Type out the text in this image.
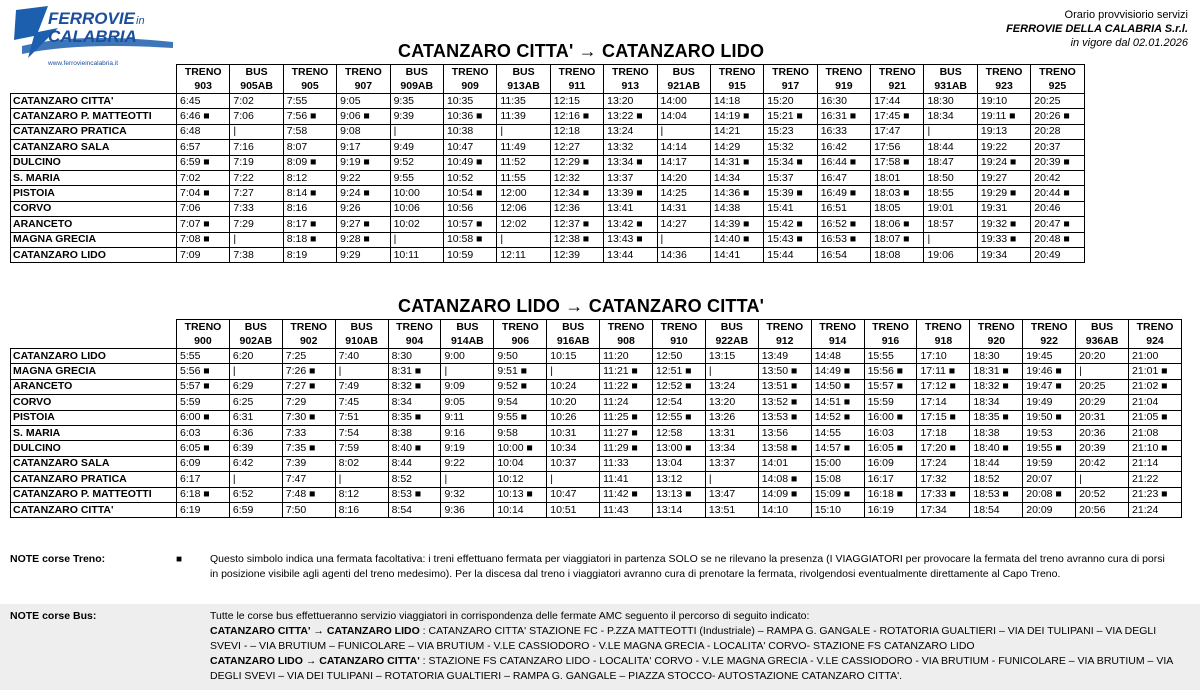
FERROVIE in
CALABRIA
www.ferrovieincalabria.it
Orario provvisiorio servizi
FERROVIE DELLA CALABRIA S.r.l.
in vigore dal 02.01.2026
CATANZARO CITTA' → CATANZARO LIDO
	TRENO	BUS	TRENO	TRENO	BUS	TRENO	BUS	TRENO	TRENO	BUS	TRENO	TRENO	TRENO	TRENO	BUS	TRENO	TRENO
	903	905AB	905	907	909AB	909	913AB	911	913	921AB	915	917	919	921	931AB	923	925
CATANZARO CITTA'	6:45	7:02	7:55	9:05	9:35	10:35	11:35	12:15	13:20	14:00	14:18	15:20	16:30	17:44	18:30	19:10	20:25
CATANZARO P. MATTEOTTI	6:46 ■	7:06	7:56 ■	9:06 ■	9:39	10:36 ■	11:39	12:16 ■	13:22 ■	14:04	14:19 ■	15:21 ■	16:31 ■	17:45 ■	18:34	19:11 ■	20:26 ■
CATANZARO PRATICA	6:48	|	7:58	9:08	|	10:38	|	12:18	13:24	|	14:21	15:23	16:33	17:47	|	19:13	20:28
CATANZARO SALA	6:57	7:16	8:07	9:17	9:49	10:47	11:49	12:27	13:32	14:14	14:29	15:32	16:42	17:56	18:44	19:22	20:37
DULCINO	6:59 ■	7:19	8:09 ■	9:19 ■	9:52	10:49 ■	11:52	12:29 ■	13:34 ■	14:17	14:31 ■	15:34 ■	16:44 ■	17:58 ■	18:47	19:24 ■	20:39 ■
S. MARIA	7:02	7:22	8:12	9:22	9:55	10:52	11:55	12:32	13:37	14:20	14:34	15:37	16:47	18:01	18:50	19:27	20:42
PISTOIA	7:04 ■	7:27	8:14 ■	9:24 ■	10:00	10:54 ■	12:00	12:34 ■	13:39 ■	14:25	14:36 ■	15:39 ■	16:49 ■	18:03 ■	18:55	19:29 ■	20:44 ■
CORVO	7:06	7:33	8:16	9:26	10:06	10:56	12:06	12:36	13:41	14:31	14:38	15:41	16:51	18:05	19:01	19:31	20:46
ARANCETO	7:07 ■	7:29	8:17 ■	9:27 ■	10:02	10:57 ■	12:02	12:37 ■	13:42 ■	14:27	14:39 ■	15:42 ■	16:52 ■	18:06 ■	18:57	19:32 ■	20:47 ■
MAGNA GRECIA	7:08 ■	|	8:18 ■	9:28 ■	|	10:58 ■	|	12:38 ■	13:43 ■	|	14:40 ■	15:43 ■	16:53 ■	18:07 ■	|	19:33 ■	20:48 ■
CATANZARO LIDO	7:09	7:38	8:19	9:29	10:11	10:59	12:11	12:39	13:44	14:36	14:41	15:44	16:54	18:08	19:06	19:34	20:49
CATANZARO LIDO → CATANZARO CITTA'
	TRENO	BUS	TRENO	BUS	TRENO	BUS	TRENO	BUS	TRENO	TRENO	BUS	TRENO	TRENO	TRENO	TRENO	TRENO	TRENO	BUS	TRENO
	900	902AB	902	910AB	904	914AB	906	916AB	908	910	922AB	912	914	916	918	920	922	936AB	924
CATANZARO LIDO	5:55	6:20	7:25	7:40	8:30	9:00	9:50	10:15	11:20	12:50	13:15	13:49	14:48	15:55	17:10	18:30	19:45	20:20	21:00
MAGNA GRECIA	5:56 ■	|	7:26 ■	|	8:31 ■	|	9:51 ■	|	11:21 ■	12:51 ■	|	13:50 ■	14:49 ■	15:56 ■	17:11 ■	18:31 ■	19:46 ■	|	21:01 ■
ARANCETO	5:57 ■	6:29	7:27 ■	7:49	8:32 ■	9:09	9:52 ■	10:24	11:22 ■	12:52 ■	13:24	13:51 ■	14:50 ■	15:57 ■	17:12 ■	18:32 ■	19:47 ■	20:25	21:02 ■
CORVO	5:59	6:25	7:29	7:45	8:34	9:05	9:54	10:20	11:24	12:54	13:20	13:52 ■	14:51 ■	15:59	17:14	18:34	19:49	20:29	21:04
PISTOIA	6:00 ■	6:31	7:30 ■	7:51	8:35 ■	9:11	9:55 ■	10:26	11:25 ■	12:55 ■	13:26	13:53 ■	14:52 ■	16:00 ■	17:15 ■	18:35 ■	19:50 ■	20:31	21:05 ■
S. MARIA	6:03	6:36	7:33	7:54	8:38	9:16	9:58	10:31	11:27 ■	12:58	13:31	13:56	14:55	16:03	17:18	18:38	19:53	20:36	21:08
DULCINO	6:05 ■	6:39	7:35 ■	7:59	8:40 ■	9:19	10:00 ■	10:34	11:29 ■	13:00 ■	13:34	13:58 ■	14:57 ■	16:05 ■	17:20 ■	18:40 ■	19:55 ■	20:39	21:10 ■
CATANZARO SALA	6:09	6:42	7:39	8:02	8:44	9:22	10:04	10:37	11:33	13:04	13:37	14:01	15:00	16:09	17:24	18:44	19:59	20:42	21:14
CATANZARO PRATICA	6:17	|	7:47	|	8:52	|	10:12	|	11:41	13:12	|	14:08 ■	15:08	16:17	17:32	18:52	20:07	|	21:22
CATANZARO P. MATTEOTTI	6:18 ■	6:52	7:48 ■	8:12	8:53 ■	9:32	10:13 ■	10:47	11:42 ■	13:13 ■	13:47	14:09 ■	15:09 ■	16:18 ■	17:33 ■	18:53 ■	20:08 ■	20:52	21:23 ■
CATANZARO CITTA'	6:19	6:59	7:50	8:16	8:54	9:36	10:14	10:51	11:43	13:14	13:51	14:10	15:10	16:19	17:34	18:54	20:09	20:56	21:24
NOTE corse Treno:	■	Questo simbolo indica una fermata facoltativa: i treni effettuano fermata per viaggiatori in partenza SOLO se ne rilevano la presenza (I VIAGGIATORI per provocare la fermata del treno avranno cura di porsi in posizione visibile agli agenti del treno medesimo). Per la discesa dal treno i viaggiatori avranno cura di prenotare la fermata, rivolgendosi eventualmente direttamente al Capo Treno.
NOTE corse Bus:	Tutte le corse bus effettueranno servizio viaggiatori in corrispondenza delle fermate AMC seguento il percorso di seguito indicato:
CATANZARO CITTA' → CATANZARO LIDO : CATANZARO CITTA' STAZIONE FC - P.ZZA MATTEOTTI (Industriale) – RAMPA G. GANGALE - ROTATORIA GUALTIERI – VIA DEI TULIPANI – VIA DEGLI SVEVI - – VIA BRUTIUM – FUNICOLARE – VIA BRUTIUM - V.LE CASSIODORO - V.LE MAGNA GRECIA - LOCALITA' CORVO- STAZIONE FS CATANZARO LIDO
CATANZARO LIDO → CATANZARO CITTA' : STAZIONE FS CATANZARO LIDO - LOCALITA' CORVO - V.LE MAGNA GRECIA - V.LE CASSIODORO - VIA BRUTIUM - FUNICOLARE – VIA BRUTIUM – VIA DEGLI SVEVI – VIA DEI TULIPANI – ROTATORIA GUALTIERI – RAMPA G. GANGALE – PIAZZA STOCCO- AUTOSTAZIONE CATANZARO CITTA'.
